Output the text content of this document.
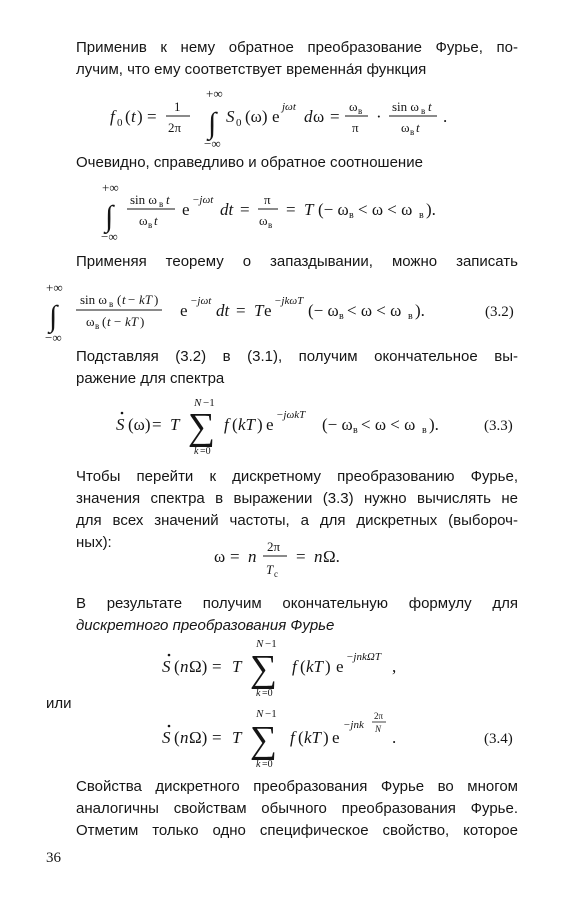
Применив к нему обратное преобразование Фурье, по-
лучим, что ему соответствует временна́я функция
f 0 ( t ) =
1
2π
+∞
∫
−∞
S 0 (ω) e jωt d ω =
ω в
π
·
sin ω в t
ω в t
.
Очевидно, справедливо и обратное соотношение
+∞
∫
−∞
sin ω в t
ω в t
e −jωt dt =
π
ω в
= T (− ω в < ω < ω в ).
Применяя теорему о запаздывании, можно записать
+∞
∫
−∞
sin ω в ( t − kT )
ω в ( t − kT )
e −jωt dt = T e −jkωT (− ω в < ω < ω в ).	(3.2)
Подставляя (3.2) в (3.1), получим окончательное вы-
ражение для спектра
S (ω) = T
N −1
∑
k =0
f ( kT ) e −jωkT (− ω в < ω < ω в ).	(3.3)
Чтобы перейти к дискретному преобразованию Фурье,
значения спектра в выражении (3.3) нужно вычислять не
для всех значений частоты, а для дискретных (выбороч-
ных):
ω = n
2π
T с
= n Ω.
В результате получим окончательную формулу для
дискретного преобразования Фурье
S ( n Ω) = T
N −1
∑
k =0
f ( kT ) e −jnkΩT ,
или
S ( n Ω) = T
N −1
∑
k =0
f ( kT ) e
−jnk
2π
N .	(3.4)
Свойства дискретного преобразования Фурье во многом
аналогичны свойствам обычного преобразования Фурье.
Отметим только одно специфическое свойство, которое
36
